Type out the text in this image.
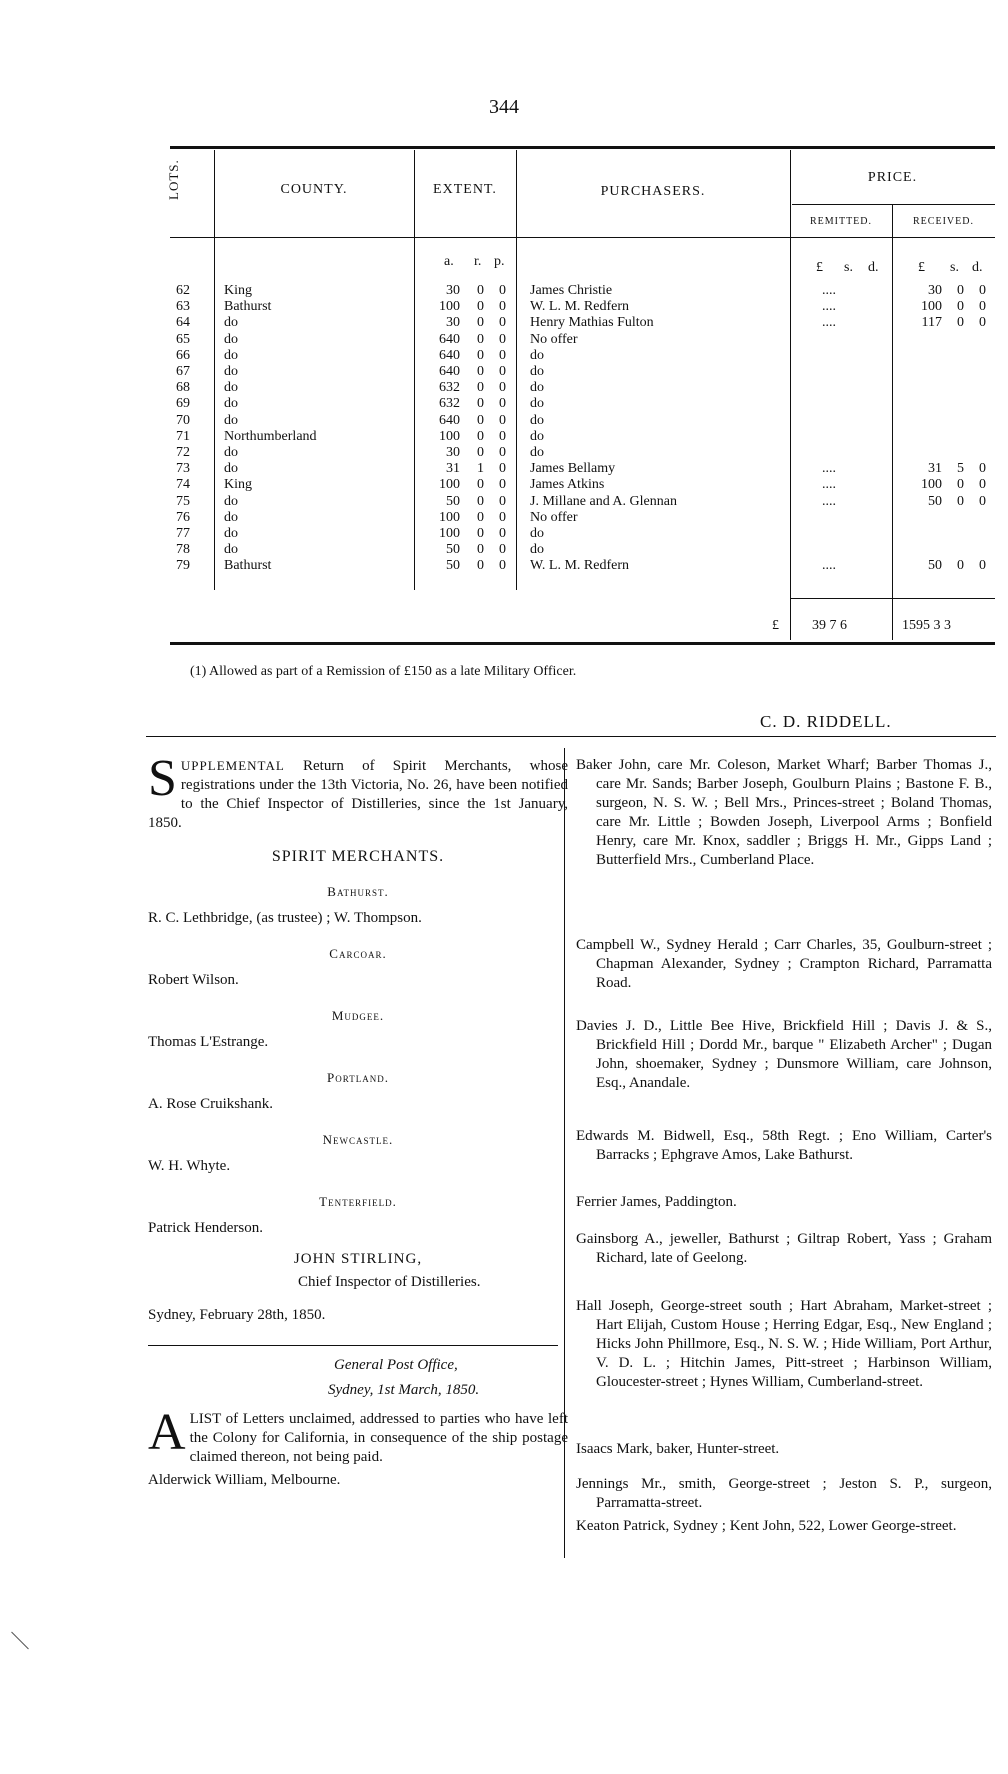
344
LOTS.	COUNTY.	EXTENT.	PURCHASERS.
PRICE.
REMITTED.	RECEIVED.
a. r. p.	£ s. d.	£ s. d.
62 King	30	0	0 James Christie	....	30	0	0
63 Bathurst	100	0	0 W. L. M. Redfern	....	100	0	0
64 do	30	0	0 Henry Mathias Fulton	....	117	0	0
65 do	640	0	0 No offer
66 do	640	0	0 do
67 do	640	0	0 do
68 do	632	0	0 do
69 do	632	0	0 do
70 do	640	0	0 do
71 Northumberland	100	0	0 do
72 do	30	0	0 do
73 do	31	1	0 James Bellamy	....	31	5	0
74 King	100	0	0 James Atkins	....	100	0	0
75 do	50	0	0 J. Millane and A. Glennan	....	50	0	0
76 do	100	0	0 No offer
77 do	100	0	0 do
78 do	50	0	0 do
79 Bathurst	50	0	0 W. L. M. Redfern	....	50	0	0
£ 39 7 6	1595 3 3
(1) Allowed as part of a Remission of £150 as a late Military Officer.
C. D. RIDDELL.

SUPPLEMENTAL Return of Spirit Merchants, whose registrations under the 13th Victoria, No. 26, have been notified to the Chief Inspector of Distilleries, since the 1st January, 1850.

SPIRIT MERCHANTS.
Bathurst.
R. C. Lethbridge, (as trustee) ; W. Thompson.
Carcoar.
Robert Wilson.
Mudgee.
Thomas L'Estrange.
Portland.
A. Rose Cruikshank.
Newcastle.
W. H. Whyte.
Tenterfield.
Patrick Henderson.
JOHN STIRLING,
Chief Inspector of Distilleries.
Sydney, February 28th, 1850.
General Post Office,
Sydney, 1st March, 1850.

ALIST of Letters unclaimed, addressed to parties who have left the Colony for California, in consequence of the ship postage claimed thereon, not being paid.

Alderwick William, Melbourne.
Baker John, care Mr. Coleson, Market Wharf; Barber Thomas J., care Mr. Sands; Barber Joseph, Goulburn Plains ; Bastone F. B., surgeon, N. S. W. ; Bell Mrs., Princes-street ; Boland Thomas, care Mr. Little ; Bowden Joseph, Liverpool Arms ; Bonfield Henry, care Mr. Knox, saddler ; Briggs H. Mr., Gipps Land ; Butterfield Mrs., Cumberland Place.
Campbell W., Sydney Herald ; Carr Charles, 35, Goulburn-street ; Chapman Alexander, Sydney ; Crampton Richard, Parramatta Road.
Davies J. D., Little Bee Hive, Brickfield Hill ; Davis J. & S., Brickfield Hill ; Dordd Mr., barque " Elizabeth Archer" ; Dugan John, shoemaker, Sydney ; Dunsmore William, care Johnson, Esq., Anandale.
Edwards M. Bidwell, Esq., 58th Regt. ; Eno William, Carter's Barracks ; Ephgrave Amos, Lake Bathurst.
Ferrier James, Paddington.
Gainsborg A., jeweller, Bathurst ; Giltrap Robert, Yass ; Graham Richard, late of Geelong.
Hall Joseph, George-street south ; Hart Abraham, Market-street ; Hart Elijah, Custom House ; Herring Edgar, Esq., New England ; Hicks John Phillmore, Esq., N. S. W. ; Hide William, Port Arthur, V. D. L. ; Hitchin James, Pitt-street ; Harbinson William, Gloucester-street ; Hynes William, Cumberland-street.
Isaacs Mark, baker, Hunter-street.
Jennings Mr., smith, George-street ; Jeston S. P., surgeon, Parramatta-street.
Keaton Patrick, Sydney ; Kent John, 522, Lower George-street.
